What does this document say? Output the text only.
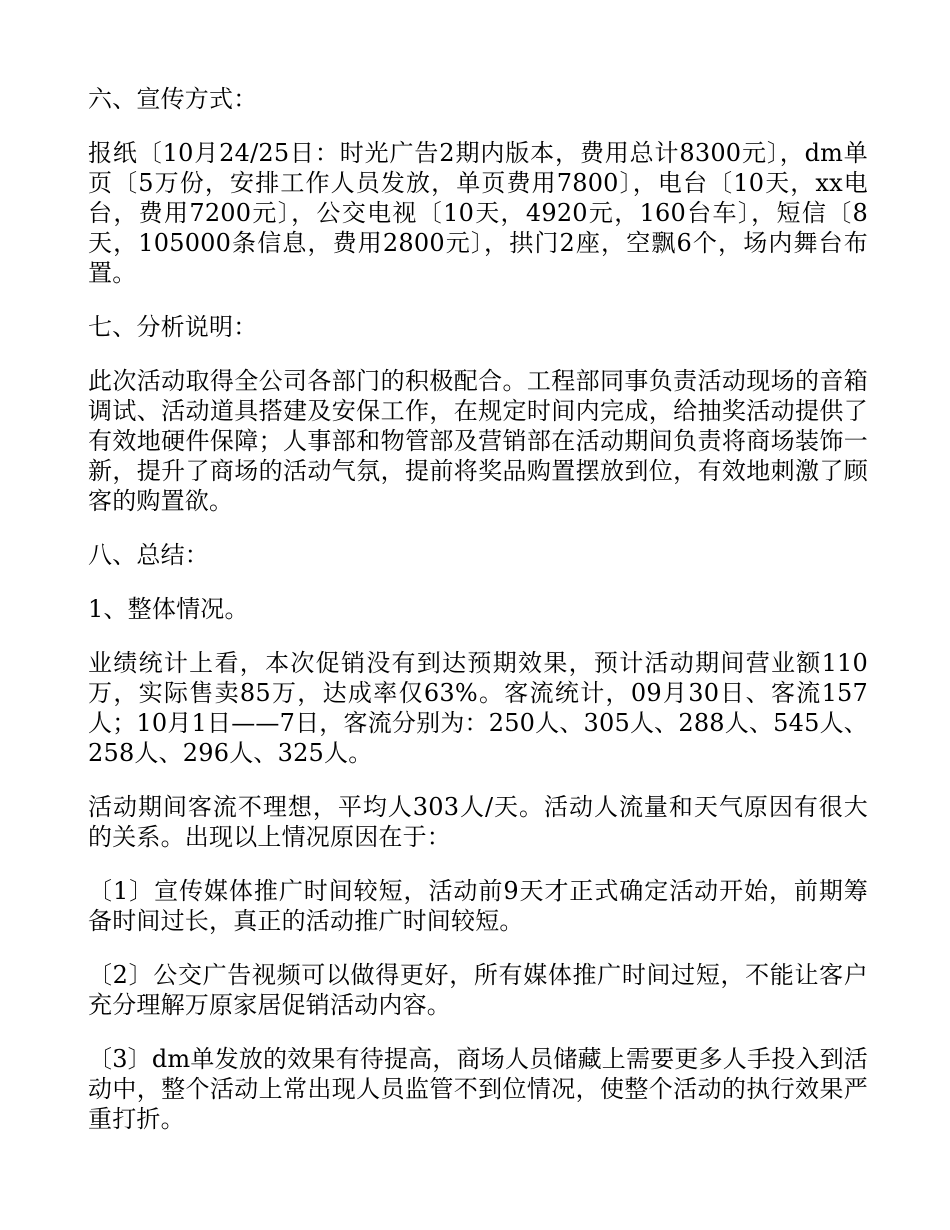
六、宣传方式：

报纸〔10月24/25日：时光广告2期内版本，费用总计8300元〕，dm单页〔5万份，安排工作人员发放，单页费用7800〕，电台〔10天，xx电台，费用7200元〕，公交电视〔10天，4920元，160台车〕，短信〔8天，105000条信息，费用2800元〕，拱门2座，空飘6个，场内舞台布置。

七、分析说明：

此次活动取得全公司各部门的积极配合。工程部同事负责活动现场的音箱调试、活动道具搭建及安保工作，在规定时间内完成，给抽奖活动提供了有效地硬件保障；人事部和物管部及营销部在活动期间负责将商场装饰一新，提升了商场的活动气氛，提前将奖品购置摆放到位，有效地刺激了顾客的购置欲。

八、总结：

1、整体情况。

业绩统计上看，本次促销没有到达预期效果，预计活动期间营业额110万，实际售卖85万，达成率仅63%。客流统计，09月30日、客流157人；10月1日——7日，客流分别为：250人、305人、288人、545人、258人、296人、325人。

活动期间客流不理想，平均人303人/天。活动人流量和天气原因有很大的关系。出现以上情况原因在于：

〔1〕宣传媒体推广时间较短，活动前9天才正式确定活动开始，前期筹备时间过长，真正的活动推广时间较短。

〔2〕公交广告视频可以做得更好，所有媒体推广时间过短，不能让客户充分理解万原家居促销活动内容。

〔3〕dm单发放的效果有待提高，商场人员储藏上需要更多人手投入到活动中，整个活动上常出现人员监管不到位情况，使整个活动的执行效果严重打折。
